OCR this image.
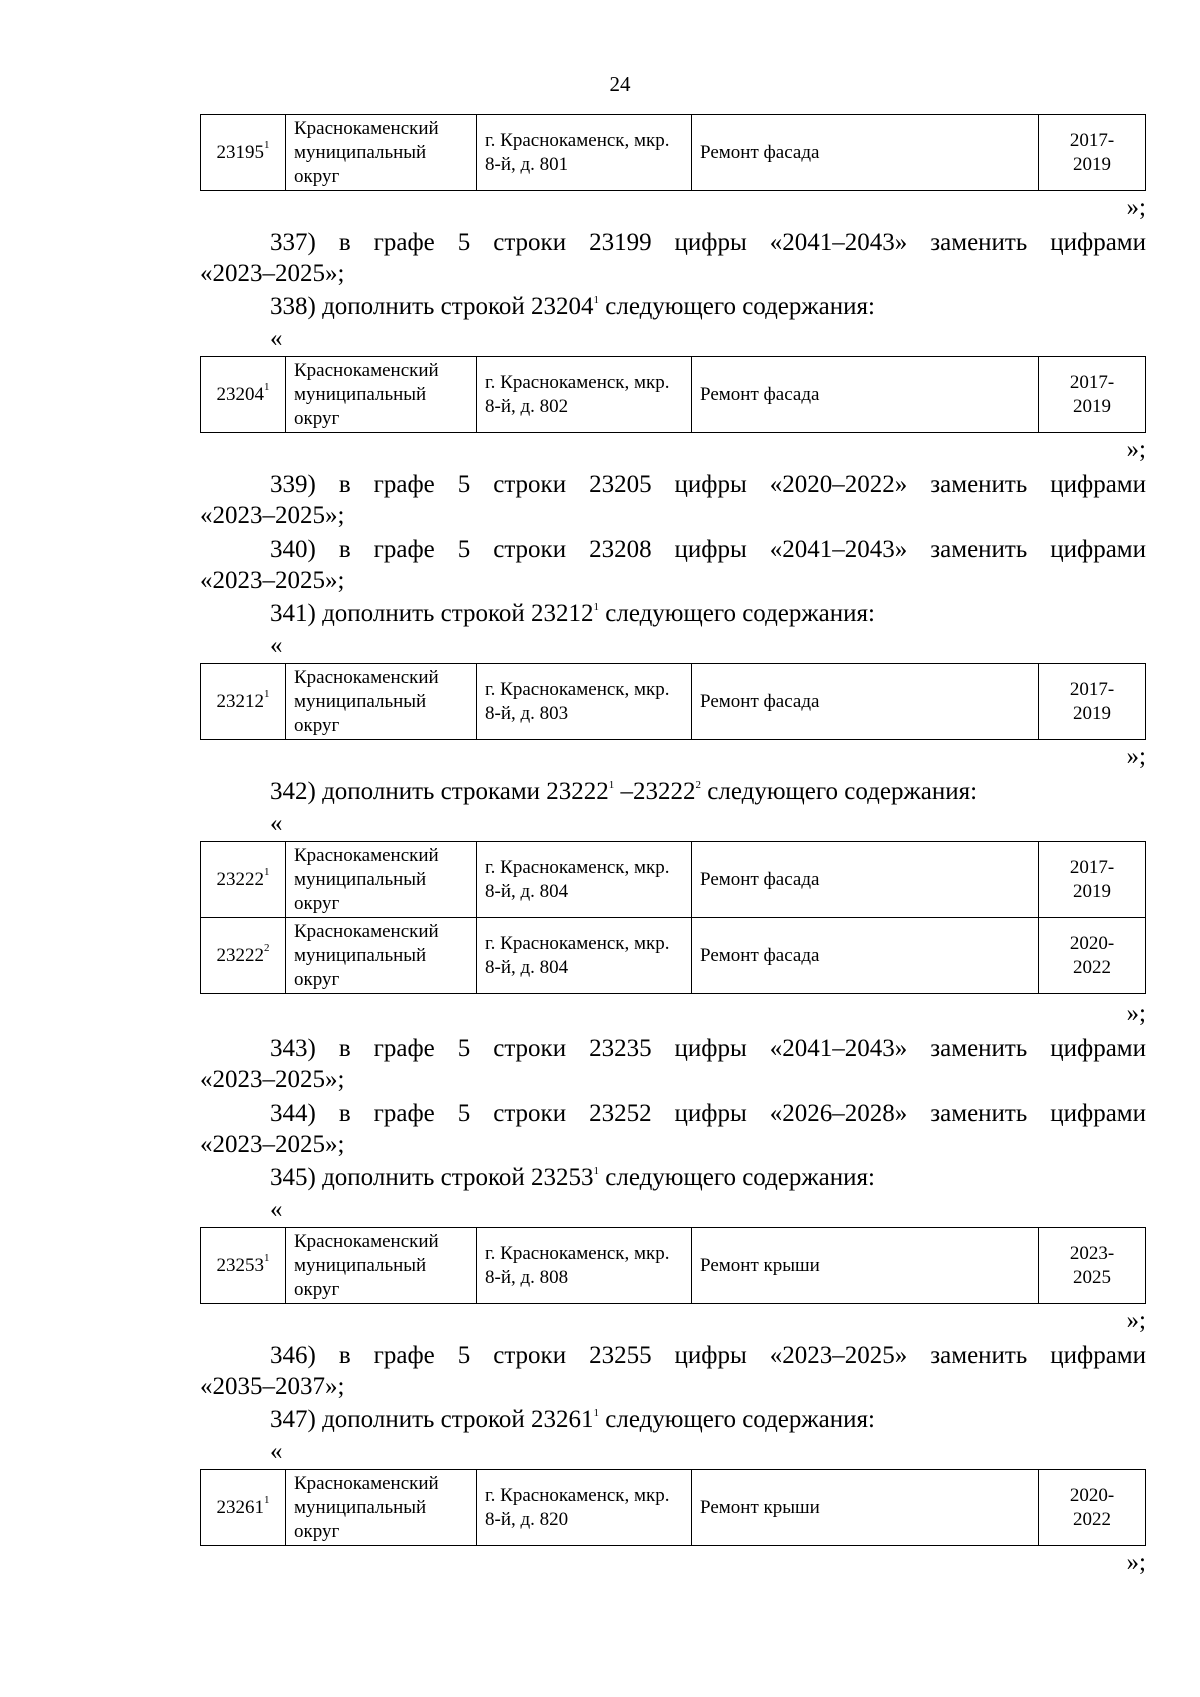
24
23195$^1$	Краснокаменский муниципальный округ	г. Краснокаменск, мкр. 8-й, д. 801	Ремонт фасада	2017-
2019
»;
337) в графе 5 строки 23199 цифры «2041–2043» заменить цифрами
«2023–2025»;
338) дополнить строкой 23204$^1$ следующего содержания:
«
23204$^1$	Краснокаменский муниципальный округ	г. Краснокаменск, мкр. 8-й, д. 802	Ремонт фасада	2017-
2019
»;
339) в графе 5 строки 23205 цифры «2020–2022» заменить цифрами
«2023–2025»;
340) в графе 5 строки 23208 цифры «2041–2043» заменить цифрами
«2023–2025»;
341) дополнить строкой 23212$^1$ следующего содержания:
«
23212$^1$	Краснокаменский муниципальный округ	г. Краснокаменск, мкр. 8-й, д. 803	Ремонт фасада	2017-
2019
»;
342) дополнить строками 23222$^1$ –23222$^2$ следующего содержания:
«
23222$^1$	Краснокаменский муниципальный округ	г. Краснокаменск, мкр. 8-й, д. 804	Ремонт фасада	2017-
2019
23222$^2$	Краснокаменский муниципальный округ	г. Краснокаменск, мкр. 8-й, д. 804	Ремонт фасада	2020-
2022
»;
343) в графе 5 строки 23235 цифры «2041–2043» заменить цифрами
«2023–2025»;
344) в графе 5 строки 23252 цифры «2026–2028» заменить цифрами
«2023–2025»;
345) дополнить строкой 23253$^1$ следующего содержания:
«
23253$^1$	Краснокаменский муниципальный округ	г. Краснокаменск, мкр. 8-й, д. 808	Ремонт крыши	2023-
2025
»;
346) в графе 5 строки 23255 цифры «2023–2025» заменить цифрами
«2035–2037»;
347) дополнить строкой 23261$^1$ следующего содержания:
«
23261$^1$	Краснокаменский муниципальный округ	г. Краснокаменск, мкр. 8-й, д. 820	Ремонт крыши	2020-
2022
»;
